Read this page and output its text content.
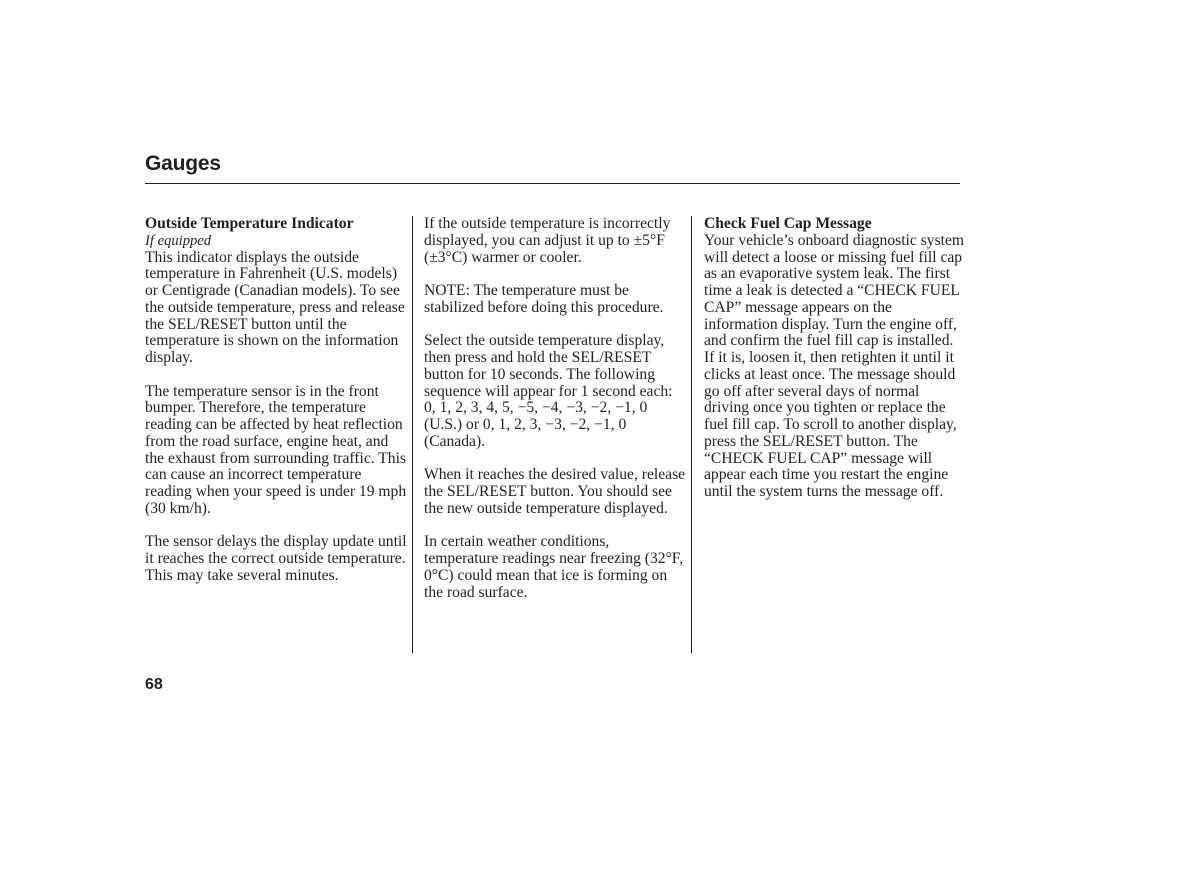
Gauges

Outside Temperature Indicator
If equipped
This indicator displays the outside temperature in Fahrenheit (U.S. models) or Centigrade (Canadian models). To see the outside temperature, press and release the SEL/RESET button until the temperature is shown on the information display.

The temperature sensor is in the front bumper. Therefore, the temperature reading can be affected by heat reflection from the road surface, engine heat, and the exhaust from surrounding traffic. This can cause an incorrect temperature reading when your speed is under 19 mph (30 km/h).

The sensor delays the display update until it reaches the correct outside temperature. This may take several minutes.

If the outside temperature is incorrectly displayed, you can adjust it up to ±5°F (±3°C) warmer or cooler.

NOTE: The temperature must be stabilized before doing this procedure.

Select the outside temperature display, then press and hold the SEL/RESET button for 10 seconds. The following sequence will appear for 1 second each: 0, 1, 2, 3, 4, 5, −5, −4, −3, −2, −1, 0 (U.S.) or 0, 1, 2, 3, −3, −2, −1, 0 (Canada).

When it reaches the desired value, release the SEL/RESET button. You should see the new outside temperature displayed.

In certain weather conditions, temperature readings near freezing (32°F, 0°C) could mean that ice is forming on the road surface.

Check Fuel Cap Message
Your vehicle’s onboard diagnostic system will detect a loose or missing fuel fill cap as an evaporative system leak. The first time a leak is detected a “CHECK FUEL CAP” message appears on the information display. Turn the engine off, and confirm the fuel fill cap is installed. If it is, loosen it, then retighten it until it clicks at least once. The message should go off after several days of normal driving once you tighten or replace the fuel fill cap. To scroll to another display, press the SEL/RESET button. The “CHECK FUEL CAP” message will appear each time you restart the engine until the system turns the message off.

68
